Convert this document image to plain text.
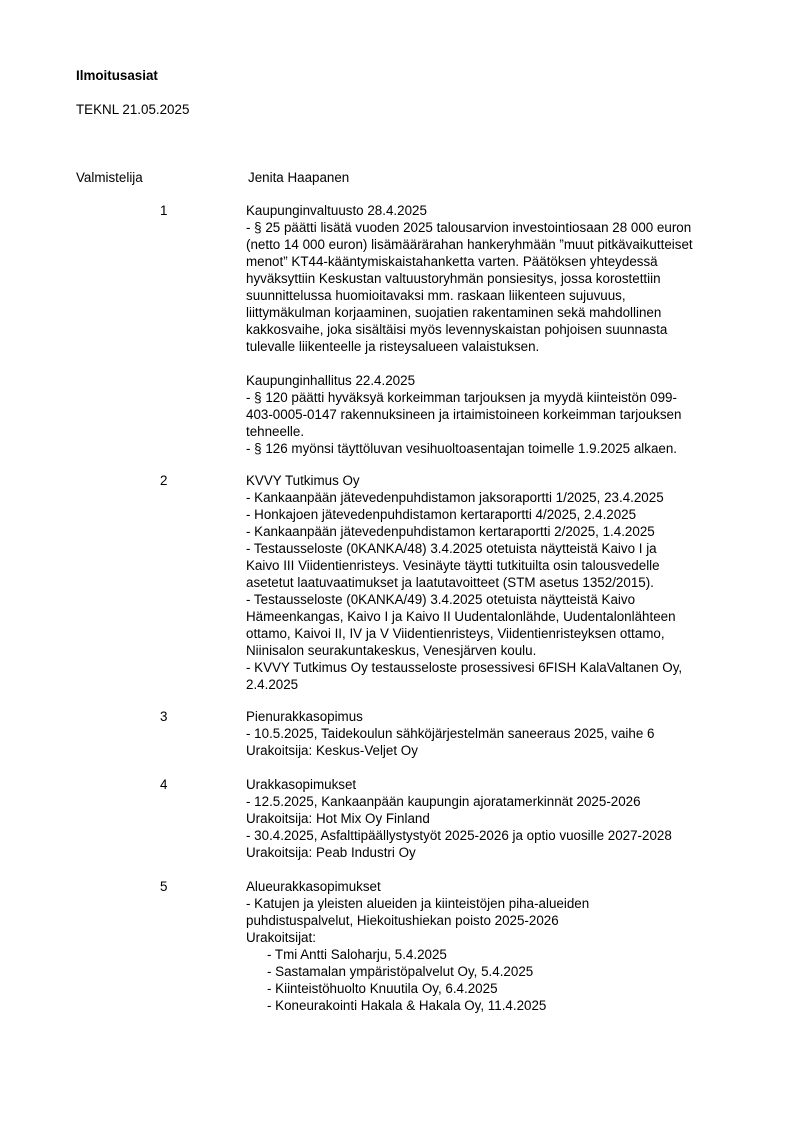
Ilmoitusasiat
TEKNL 21.05.2025
Valmistelija	Jenita Haapanen
1	Kaupunginvaltuusto 28.4.2025
- § 25 päätti lisätä vuoden 2025 talousarvion investointiosaan 28 000 euron
(netto 14 000 euron) lisämäärärahan hankeryhmään ”muut pitkävaikutteiset
menot” KT44-kääntymiskaistahanketta varten. Päätöksen yhteydessä
hyväksyttiin Keskustan valtuustoryhmän ponsiesitys, jossa korostettiin
suunnittelussa huomioitavaksi mm. raskaan liikenteen sujuvuus,
liittymäkulman korjaaminen, suojatien rakentaminen sekä mahdollinen
kakkosvaihe, joka sisältäisi myös levennyskaistan pohjoisen suunnasta
tulevalle liikenteelle ja risteysalueen valaistuksen.
Kaupunginhallitus 22.4.2025
- § 120 päätti hyväksyä korkeimman tarjouksen ja myydä kiinteistön 099-
403-0005-0147 rakennuksineen ja irtaimistoineen korkeimman tarjouksen
tehneelle.
- § 126 myönsi täyttöluvan vesihuoltoasentajan toimelle 1.9.2025 alkaen.
2	KVVY Tutkimus Oy
- Kankaanpään jätevedenpuhdistamon jaksoraportti 1/2025, 23.4.2025
- Honkajoen jätevedenpuhdistamon kertaraportti 4/2025, 2.4.2025
- Kankaanpään jätevedenpuhdistamon kertaraportti 2/2025, 1.4.2025
- Testausseloste (0KANKA/48) 3.4.2025 otetuista näytteistä Kaivo I ja
Kaivo III Viidentienristeys. Vesinäyte täytti tutkituilta osin talousvedelle
asetetut laatuvaatimukset ja laatutavoitteet (STM asetus 1352/2015).
- Testausseloste (0KANKA/49) 3.4.2025 otetuista näytteistä Kaivo
Hämeenkangas, Kaivo I ja Kaivo II Uudentalonlähde, Uudentalonlähteen
ottamo, Kaivoi II, IV ja V Viidentienristeys, Viidentienristeyksen ottamo,
Niinisalon seurakuntakeskus, Venesjärven koulu.
- KVVY Tutkimus Oy testausseloste prosessivesi 6FISH KalaValtanen Oy,
2.4.2025
3	Pienurakkasopimus
- 10.5.2025, Taidekoulun sähköjärjestelmän saneeraus 2025, vaihe 6
Urakoitsija: Keskus-Veljet Oy
4	Urakkasopimukset
- 12.5.2025, Kankaanpään kaupungin ajoratamerkinnät 2025-2026
Urakoitsija: Hot Mix Oy Finland
- 30.4.2025, Asfalttipäällystystyöt 2025-2026 ja optio vuosille 2027-2028
Urakoitsija: Peab Industri Oy
5	Alueurakkasopimukset
- Katujen ja yleisten alueiden ja kiinteistöjen piha-alueiden
puhdistuspalvelut, Hiekoitushiekan poisto 2025-2026
Urakoitsijat:
- Tmi Antti Saloharju, 5.4.2025
- Sastamalan ympäristöpalvelut Oy, 5.4.2025
- Kiinteistöhuolto Knuutila Oy, 6.4.2025
- Koneurakointi Hakala & Hakala Oy, 11.4.2025
